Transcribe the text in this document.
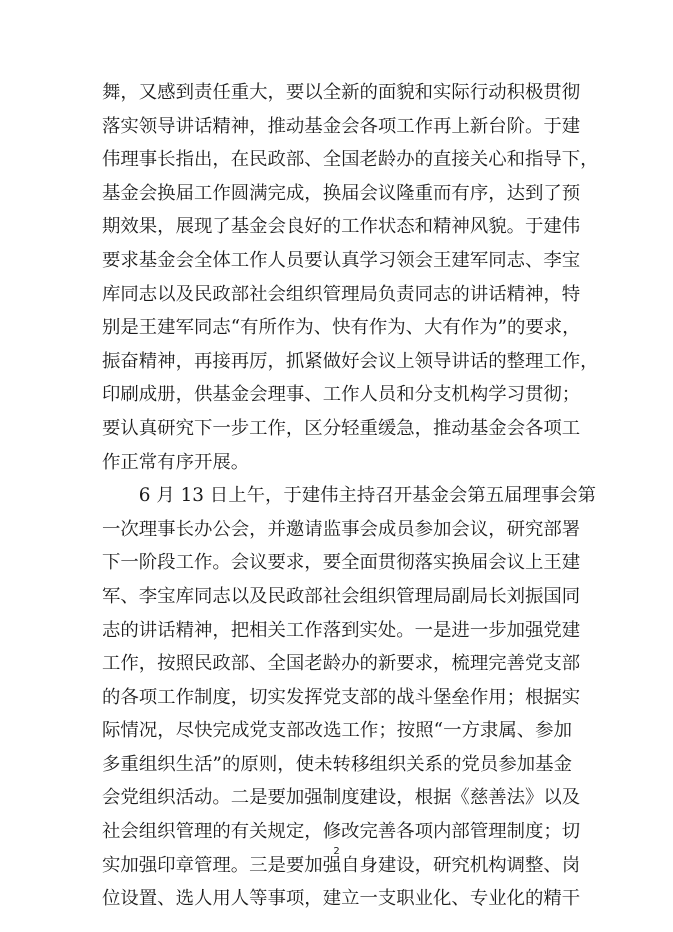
舞，又感到责任重大，要以全新的面貌和实际行动积极贯彻
落实领导讲话精神，推动基金会各项工作再上新台阶。于建
伟理事长指出，在民政部、全国老龄办的直接关心和指导下，
基金会换届工作圆满完成，换届会议隆重而有序，达到了预
期效果，展现了基金会良好的工作状态和精神风貌。于建伟
要求基金会全体工作人员要认真学习领会王建军同志、李宝
库同志以及民政部社会组织管理局负责同志的讲话精神，特
别是王建军同志“有所作为、快有作为、大有作为”的要求，
振奋精神，再接再厉，抓紧做好会议上领导讲话的整理工作，
印刷成册，供基金会理事、工作人员和分支机构学习贯彻；
要认真研究下一步工作，区分轻重缓急，推动基金会各项工
作正常有序开展。
　　6 月 13 日上午，于建伟主持召开基金会第五届理事会第
一次理事长办公会，并邀请监事会成员参加会议，研究部署
下一阶段工作。会议要求，要全面贯彻落实换届会议上王建
军、李宝库同志以及民政部社会组织管理局副局长刘振国同
志的讲话精神，把相关工作落到实处。一是进一步加强党建
工作，按照民政部、全国老龄办的新要求，梳理完善党支部
的各项工作制度，切实发挥党支部的战斗堡垒作用；根据实
际情况，尽快完成党支部改选工作；按照“一方隶属、参加
多重组织生活”的原则，使未转移组织关系的党员参加基金
会党组织活动。二是要加强制度建设，根据《慈善法》以及
社会组织管理的有关规定，修改完善各项内部管理制度；切
实加强印章管理。三是要加强自身建设，研究机构调整、岗
位设置、选人用人等事项，建立一支职业化、专业化的精干
2
